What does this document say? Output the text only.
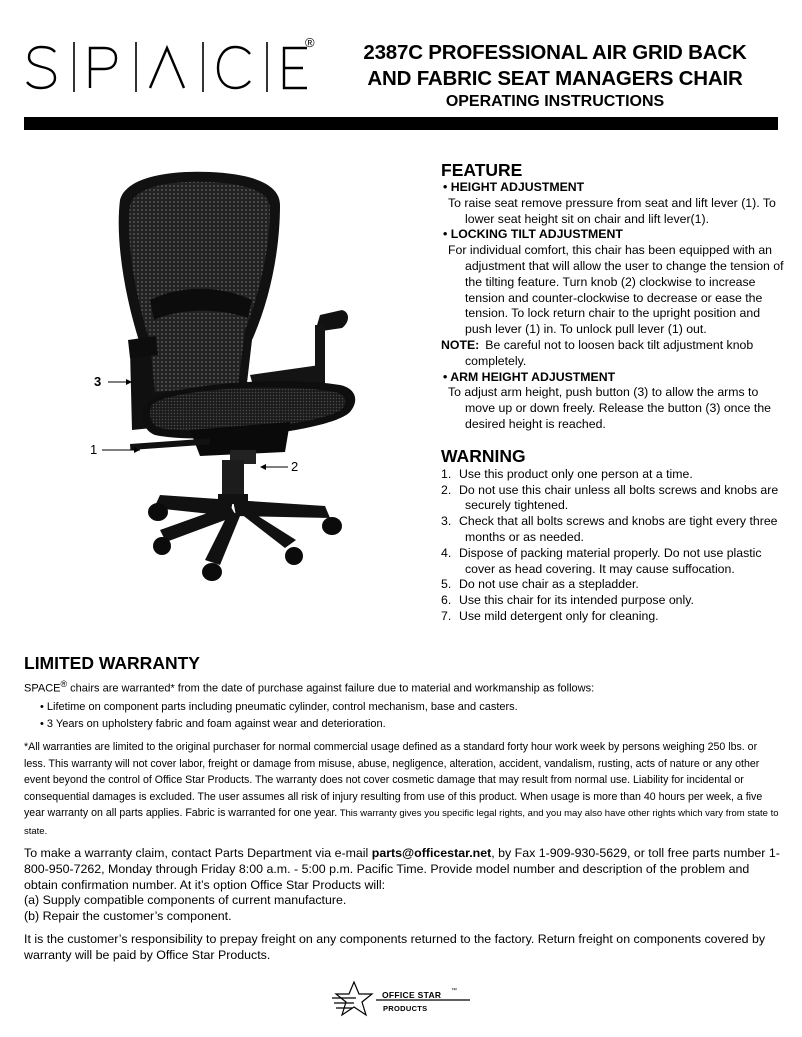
®	2387C PROFESSIONAL AIR GRID BACK
AND FABRIC SEAT MANAGERS CHAIR
OPERATING INSTRUCTIONS
3
1
2
FEATURE
• HEIGHT ADJUSTMENT
To raise seat remove pressure from seat and lift lever (1). To lower seat height sit on chair and lift lever(1).
• LOCKING TILT ADJUSTMENT
For individual comfort, this chair has been equipped with an adjustment that will allow the user to change the tension of the tilting feature. Turn knob (2) clockwise to increase tension and counter-clockwise to decrease or ease the tension. To lock return chair to the upright position and push lever (1) in. To unlock pull lever (1) out.
NOTE: Be careful not to loosen back tilt adjustment knob completely.
• ARM HEIGHT ADJUSTMENT
To adjust arm height, push button (3) to allow the arms to move up or down freely. Release the button (3) once the desired height is reached.
WARNING
1. Use this product only one person at a time.
2. Do not use this chair unless all bolts screws and knobs are securely tightened.
3. Check that all bolts screws and knobs are tight every three months or as needed.
4. Dispose of packing material properly. Do not use plastic cover as head covering. It may cause suffocation.
5. Do not use chair as a stepladder.
6. Use this chair for its intended purpose only.
7. Use mild detergent only for cleaning.
LIMITED WARRANTY
SPACE® chairs are warranted* from the date of purchase against failure due to material and workmanship as follows:
• Lifetime on component parts including pneumatic cylinder, control mechanism, base and casters.
• 3 Years on upholstery fabric and foam against wear and deterioration.
*All warranties are limited to the original purchaser for normal commercial usage defined as a standard forty hour work week by persons weighing 250 lbs. or less. This warranty will not cover labor, freight or damage from misuse, abuse, negligence, alteration, accident, vandalism, rusting, acts of nature or any other event beyond the control of Office Star Products. The warranty does not cover cosmetic damage that may result from normal use. Liability for incidental or consequential damages is excluded. The user assumes all risk of injury resulting from use of this product. When usage is more than 40 hours per week, a five year warranty on all parts applies. Fabric is warranted for one year. This warranty gives you specific legal rights, and you may also have other rights which vary from state to state.
To make a warranty claim, contact Parts Department via e-mail parts@officestar.net, by Fax 1-909-930-5629, or toll free parts number 1-800-950-7262, Monday through Friday 8:00 a.m. - 5:00 p.m. Pacific Time. Provide model number and description of the problem and obtain confirmation number. At it’s option Office Star Products will:
(a) Supply compatible components of current manufacture.
(b) Repair the customer’s component.
It is the customer’s responsibility to prepay freight on any components returned to the factory. Return freight on components covered by warranty will be paid by Office Star Products.
OFFICE STAR ™
PRODUCTS
